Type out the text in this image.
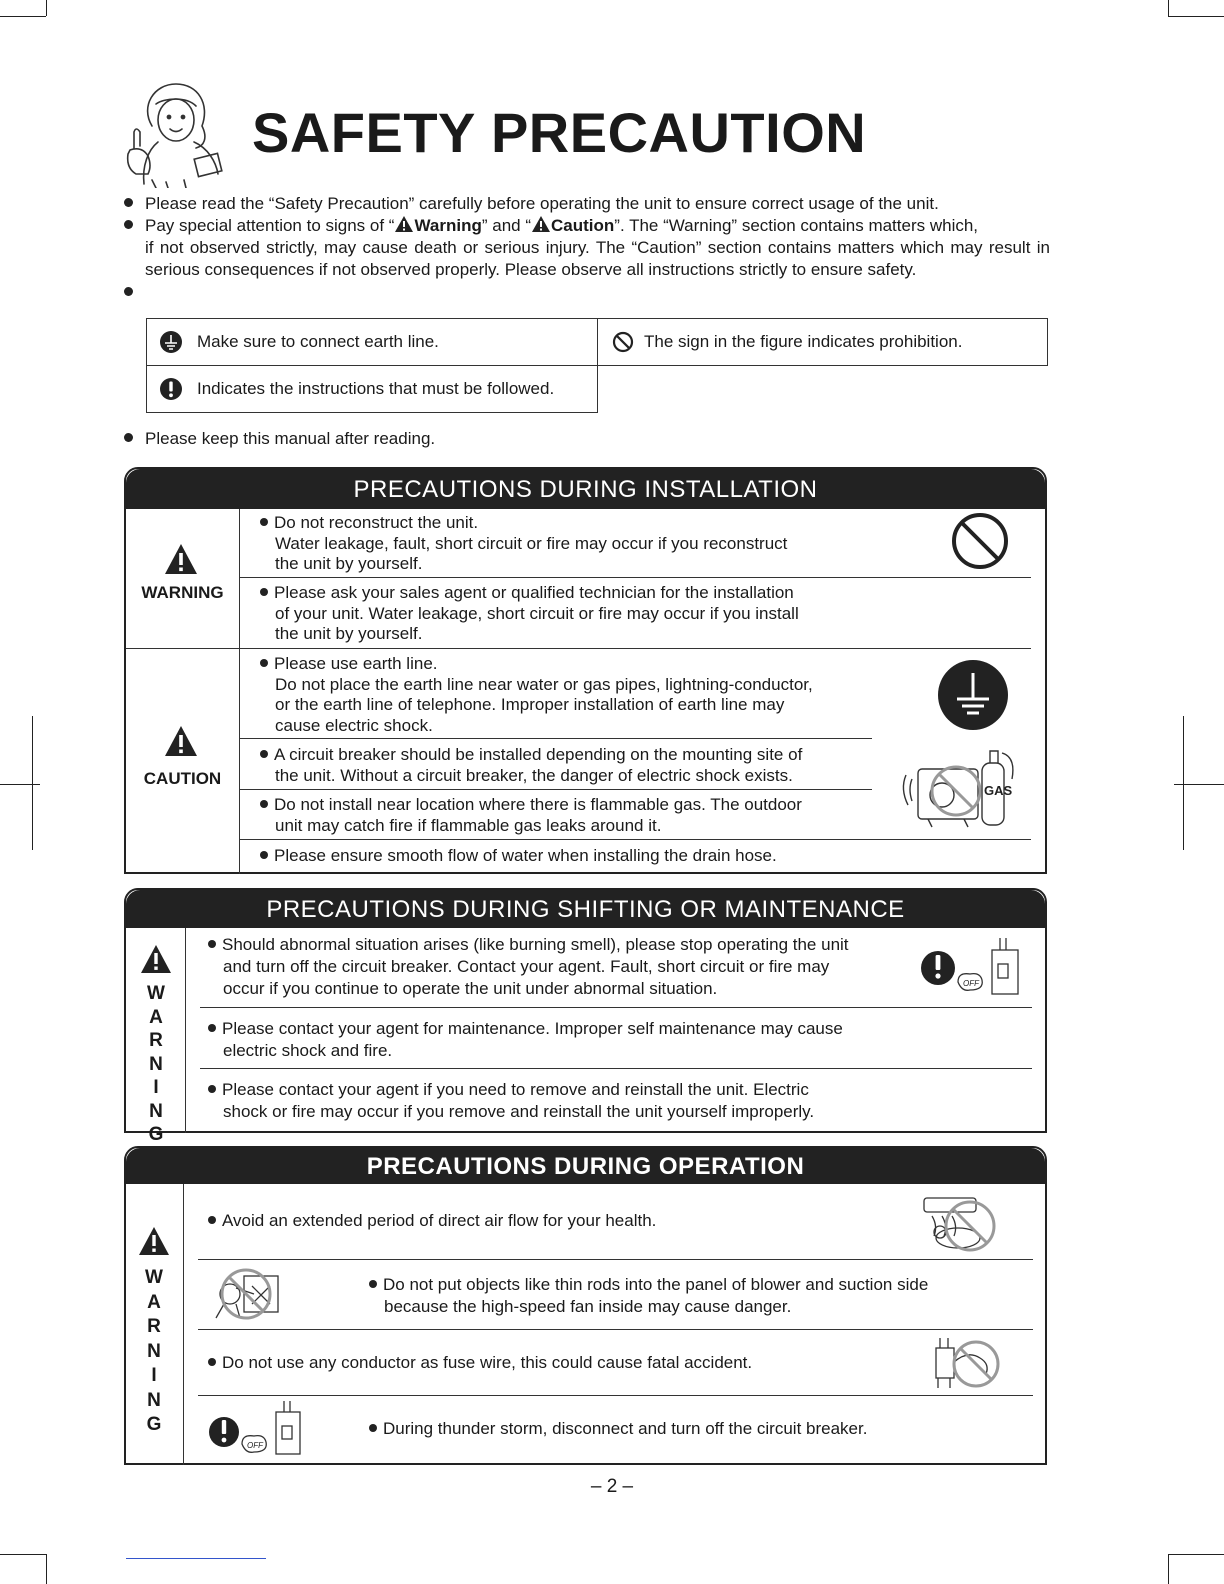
SAFETY PRECAUTION
Please read the “Safety Precaution” carefully before operating the unit to ensure correct usage of the unit.
Pay special attention to signs of “ Warning” and “ Caution”. The “Warning” section contains matters which,
if not observed strictly, may cause death or serious injury. The “Caution” section contains matters which may result in serious consequences if not observed properly. Please observe all instructions strictly to ensure safety.
Make sure to connect earth line.	The sign in the figure indicates prohibition.
Indicates the instructions that must be followed.
Please keep this manual after reading.
PRECAUTIONS DURING INSTALLATION
WARNING
CAUTION
Do not reconstruct the unit.
Water leakage, fault, short circuit or fire may occur if you reconstruct
the unit by yourself.
Please ask your sales agent or qualified technician for the installation
of your unit. Water leakage, short circuit or fire may occur if you install
the unit by yourself.
Please use earth line.
Do not place the earth line near water or gas pipes, lightning-conductor,
or the earth line of telephone. Improper installation of earth line may
cause electric shock.
A circuit breaker should be installed depending on the mounting site of
the unit. Without a circuit breaker, the danger of electric shock exists.
Do not install near location where there is flammable gas. The outdoor
unit may catch fire if flammable gas leaks around it.
Please ensure smooth flow of water when installing the drain hose.
GAS
PRECAUTIONS DURING SHIFTING OR MAINTENANCE
W
A
R
N
I
N
G
Should abnormal situation arises (like burning smell), please stop operating the unit
and turn off the circuit breaker. Contact your agent. Fault, short circuit or fire may
occur if you continue to operate the unit under abnormal situation.
Please contact your agent for maintenance. Improper self maintenance may cause
electric shock and fire.
Please contact your agent if you need to remove and reinstall the unit. Electric
shock or fire may occur if you remove and reinstall the unit yourself improperly.
OFF
PRECAUTIONS DURING OPERATION
W
A
R
N
I
N
G
Avoid an extended period of direct air flow for your health.
Do not put objects like thin rods into the panel of blower and suction side
because the high-speed fan inside may cause danger.
Do not use any conductor as fuse wire, this could cause fatal accident.
During thunder storm, disconnect and turn off the circuit breaker.
OFF
– 2 –
